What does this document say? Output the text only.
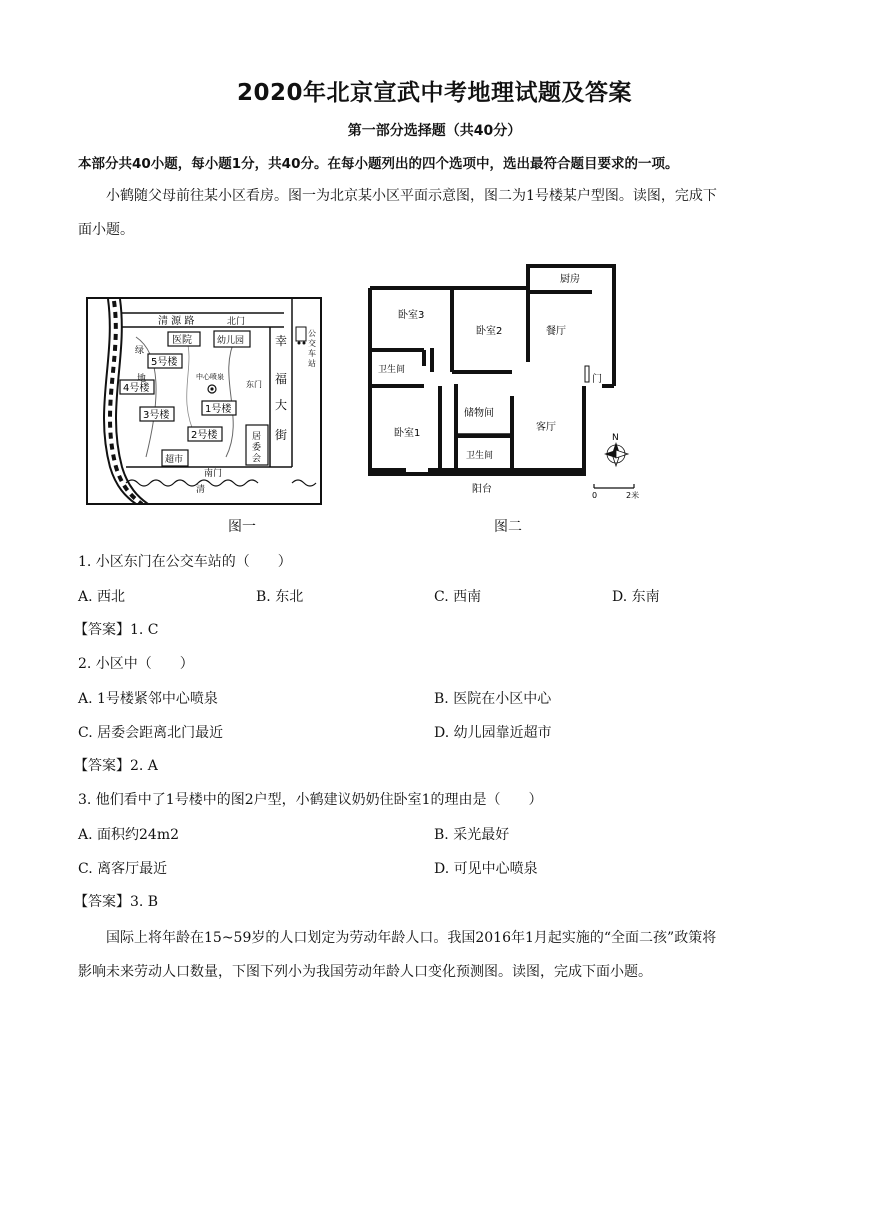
2020年北京宣武中考地理试题及答案
第一部分选择题（共40分）
本部分共40小题，每小题1分，共40分。在每小题列出的四个选项中，选出最符合题目要求的一项。
小鹤随父母前往某小区看房。图一为北京某小区平面示意图，图二为1号楼某户型图。读图，完成下
面小题。
清 源 路	北门
医院	幼儿园
绿
地
5号楼
4号楼
3号楼
1号楼
2号楼
中心喷泉
东门
幸
福
大
街
公
交
车
站
居
委
会
超市
南门
清
图一
厨房
卧室3
卧室2	餐厅
卫生间
门
储物间
客厅
卧室1
卫生间
阳台
N
0	2米
图二
1. 小区东门在公交车站的（　　）
A. 西北	B. 东北	C. 西南	D. 东南
【答案】1. C
2. 小区中（　　）
A. 1号楼紧邻中心喷泉	B. 医院在小区中心
C. 居委会距离北门最近	D. 幼儿园靠近超市
【答案】2. A
3. 他们看中了1号楼中的图2户型，小鹤建议奶奶住卧室1的理由是（　　）
A. 面积约24m2	B. 采光最好
C. 离客厅最近	D. 可见中心喷泉
【答案】3. B
国际上将年龄在15~59岁的人口划定为劳动年龄人口。我国2016年1月起实施的“全面二孩”政策将
影响未来劳动人口数量，下图下列小为我国劳动年龄人口变化预测图。读图，完成下面小题。
